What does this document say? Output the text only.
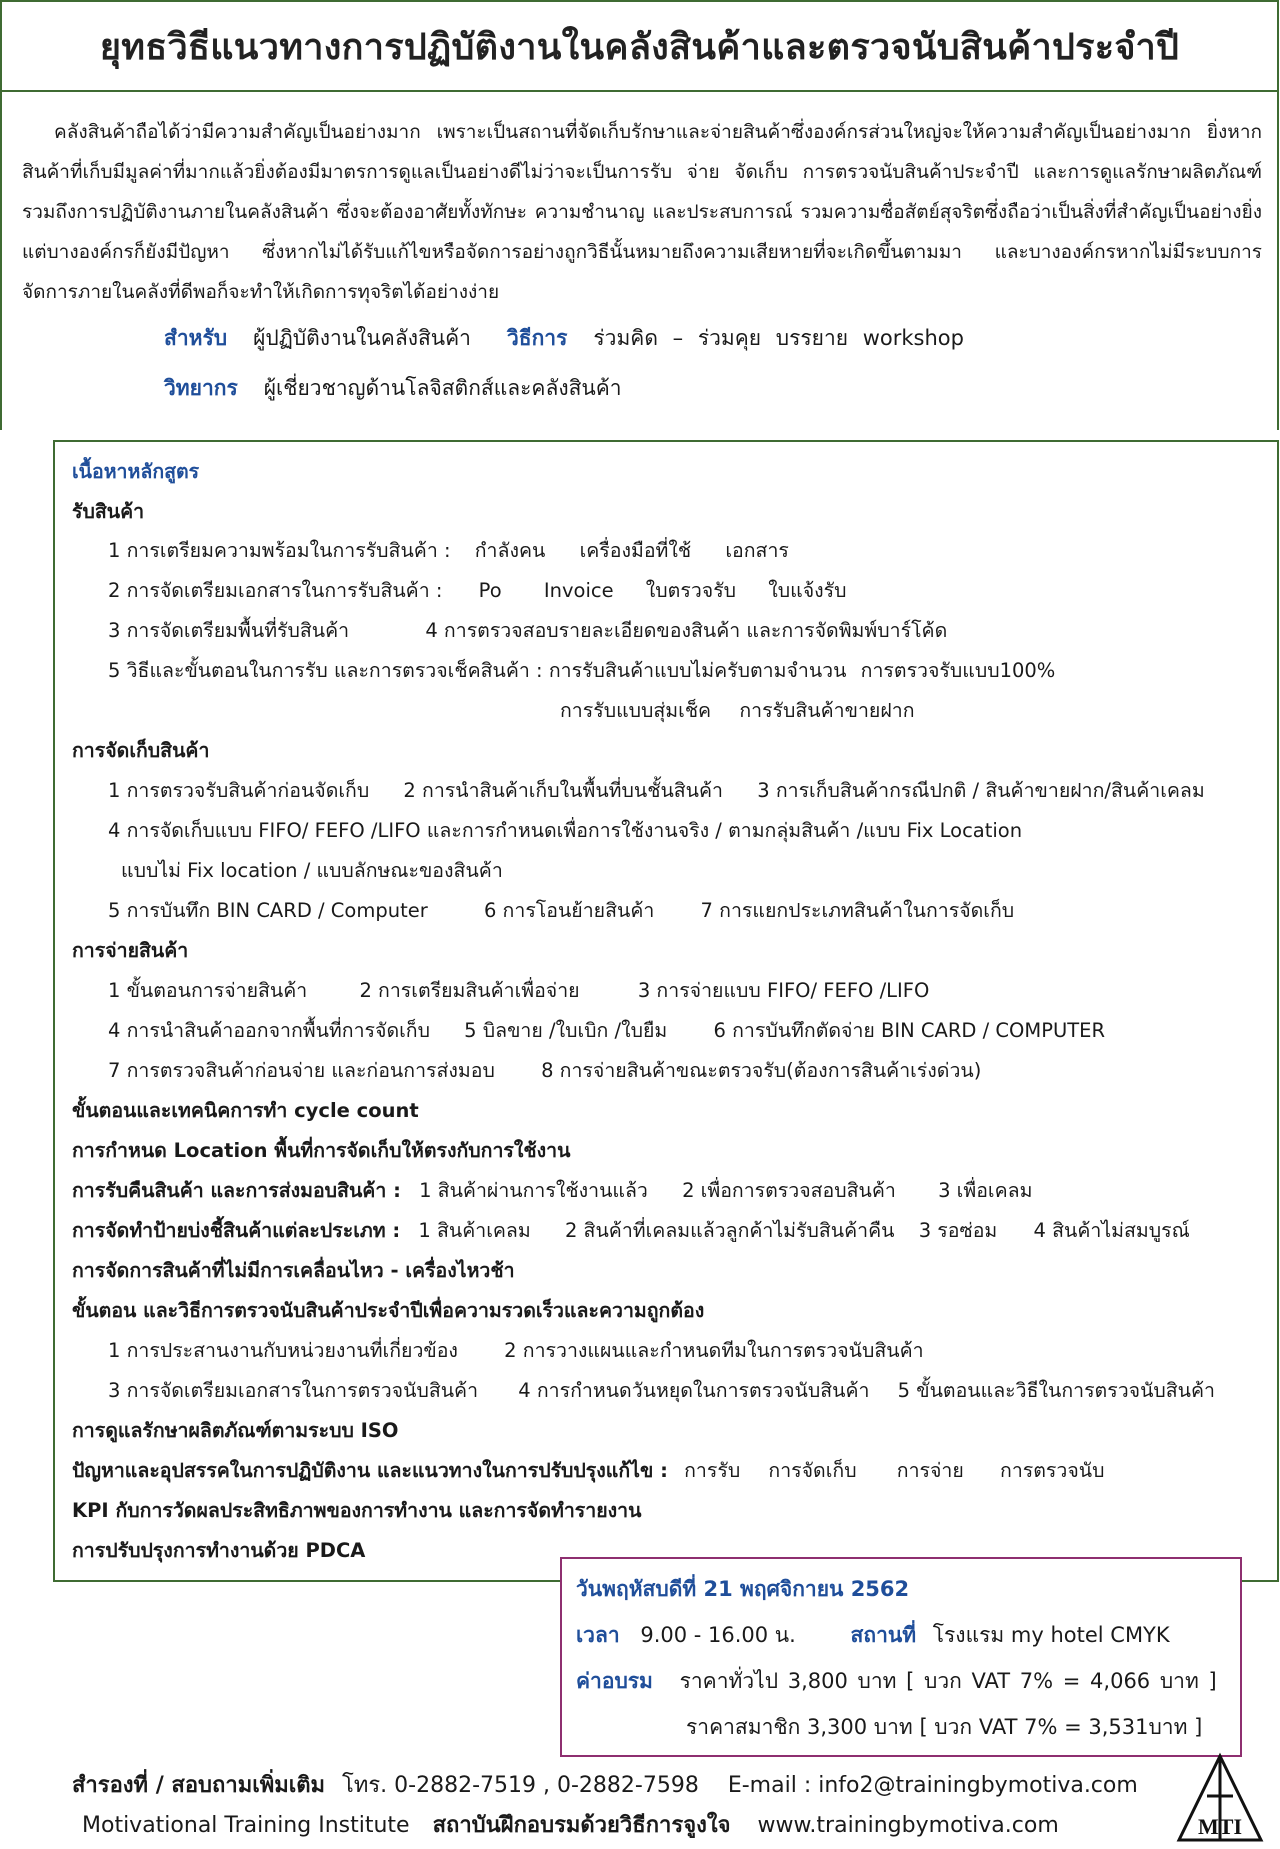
ยุทธวิธีแนวทางการปฏิบัติงานในคลังสินค้าและตรวจนับสินค้าประจำปี

คลังสินค้าถือได้ว่ามีความสำคัญเป็นอย่างมาก เพราะเป็นสถานที่จัดเก็บรักษาและจ่ายสินค้าซึ่งองค์กรส่วนใหญ่จะให้ความสำคัญเป็นอย่างมาก ยิ่งหากสินค้าที่เก็บมีมูลค่าที่มากแล้วยิ่งต้องมีมาตรการดูแลเป็นอย่างดีไม่ว่าจะเป็นการรับ จ่าย จัดเก็บ การตรวจนับสินค้าประจำปี และการดูแลรักษาผลิตภัณฑ์ รวมถึงการปฏิบัติงานภายในคลังสินค้า ซึ่งจะต้องอาศัยทั้งทักษะ ความชำนาญ และประสบการณ์ รวมความซื่อสัตย์สุจริตซึ่งถือว่าเป็นสิ่งที่สำคัญเป็นอย่างยิ่ง แต่บางองค์กรก็ยังมีปัญหา ซึ่งหากไม่ได้รับแก้ไขหรือจัดการอย่างถูกวิธีนั้นหมายถึงความเสียหายที่จะเกิดขึ้นตามมา และบางองค์กรหากไม่มีระบบการจัดการภายในคลังที่ดีพอก็จะทำให้เกิดการทุจริตได้อย่างง่าย

สำหรับ ผู้ปฏิบัติงานในคลังสินค้า วิธีการ ร่วมคิด – ร่วมคุย บรรยาย workshop
วิทยากร ผู้เชี่ยวชาญด้านโลจิสติกส์และคลังสินค้า
เนื้อหาหลักสูตร
รับสินค้า
1 การเตรียมความพร้อมในการรับสินค้า : กำลังคน เครื่องมือที่ใช้ เอกสาร
2 การจัดเตรียมเอกสารในการรับสินค้า : Po Invoice ใบตรวจรับ ใบแจ้งรับ
3 การจัดเตรียมพื้นที่รับสินค้า	4 การตรวจสอบรายละเอียดของสินค้า และการจัดพิมพ์บาร์โค้ด
5 วิธีและขั้นตอนในการรับ และการตรวจเช็คสินค้า : การรับสินค้าแบบไม่ครับตามจำนวน การตรวจรับแบบ100%
การรับแบบสุ่มเช็ค การรับสินค้าขายฝาก
การจัดเก็บสินค้า
1 การตรวจรับสินค้าก่อนจัดเก็บ 2 การนำสินค้าเก็บในพื้นที่บนชั้นสินค้า 3 การเก็บสินค้ากรณีปกติ / สินค้าขายฝาก/สินค้าเคลม
4 การจัดเก็บแบบ FIFO/ FEFO /LIFO และการกำหนดเพื่อการใช้งานจริง / ตามกลุ่มสินค้า /แบบ Fix Location
แบบไม่ Fix location / แบบลักษณะของสินค้า
5 การบันทึก BIN CARD / Computer	6 การโอนย้ายสินค้า 7 การแยกประเภทสินค้าในการจัดเก็บ
การจ่ายสินค้า
1 ขั้นตอนการจ่ายสินค้า	2 การเตรียมสินค้าเพื่อจ่าย	3 การจ่ายแบบ FIFO/ FEFO /LIFO
4 การนำสินค้าออกจากพื้นที่การจัดเก็บ 5 บิลขาย /ใบเบิก /ใบยืม 6 การบันทึกตัดจ่าย BIN CARD / COMPUTER
7 การตรวจสินค้าก่อนจ่าย และก่อนการส่งมอบ 8 การจ่ายสินค้าขณะตรวจรับ(ต้องการสินค้าเร่งด่วน)
ขั้นตอนและเทคนิคการทำ cycle count
การกำหนด Location พื้นที่การจัดเก็บให้ตรงกับการใช้งาน
การรับคืนสินค้า และการส่งมอบสินค้า : 1 สินค้าผ่านการใช้งานแล้ว 2 เพื่อการตรวจสอบสินค้า 3 เพื่อเคลม
การจัดทำป้ายบ่งชี้สินค้าแต่ละประเภท : 1 สินค้าเคลม 2 สินค้าที่เคลมแล้วลูกค้าไม่รับสินค้าคืน 3 รอซ่อม 4 สินค้าไม่สมบูรณ์
การจัดการสินค้าที่ไม่มีการเคลื่อนไหว - เครื่องไหวช้า
ขั้นตอน และวิธีการตรวจนับสินค้าประจำปีเพื่อความรวดเร็วและความถูกต้อง
1 การประสานงานกับหน่วยงานที่เกี่ยวข้อง 2 การวางแผนและกำหนดทีมในการตรวจนับสินค้า
3 การจัดเตรียมเอกสารในการตรวจนับสินค้า 4 การกำหนดวันหยุดในการตรวจนับสินค้า 5 ขั้นตอนและวิธีในการตรวจนับสินค้า
การดูแลรักษาผลิตภัณฑ์ตามระบบ ISO
ปัญหาและอุปสรรคในการปฏิบัติงาน และแนวทางในการปรับปรุงแก้ไข : การรับ การจัดเก็บ การจ่าย การตรวจนับ
KPI กับการวัดผลประสิทธิภาพของการทำงาน และการจัดทำรายงาน
การปรับปรุงการทำงานด้วย PDCA
วันพฤหัสบดีที่ 21 พฤศจิกายน 2562
เวลา 9.00 - 16.00 น.	สถานที่ โรงแรม my hotel CMYK
ค่าอบรม ราคาทั่วไป 3,800 บาท [ บวก VAT 7% = 4,066 บาท ]
ราคาสมาชิก 3,300 บาท [ บวก VAT 7% = 3,531บาท ]
สำรองที่ / สอบถามเพิ่มเติม โทร. 0-2882-7519 , 0-2882-7598 E-mail : info2@trainingbymotiva.com
Motivational Training Institute สถาบันฝึกอบรมด้วยวิธีการจูงใจ www.trainingbymotiva.com	MTI
